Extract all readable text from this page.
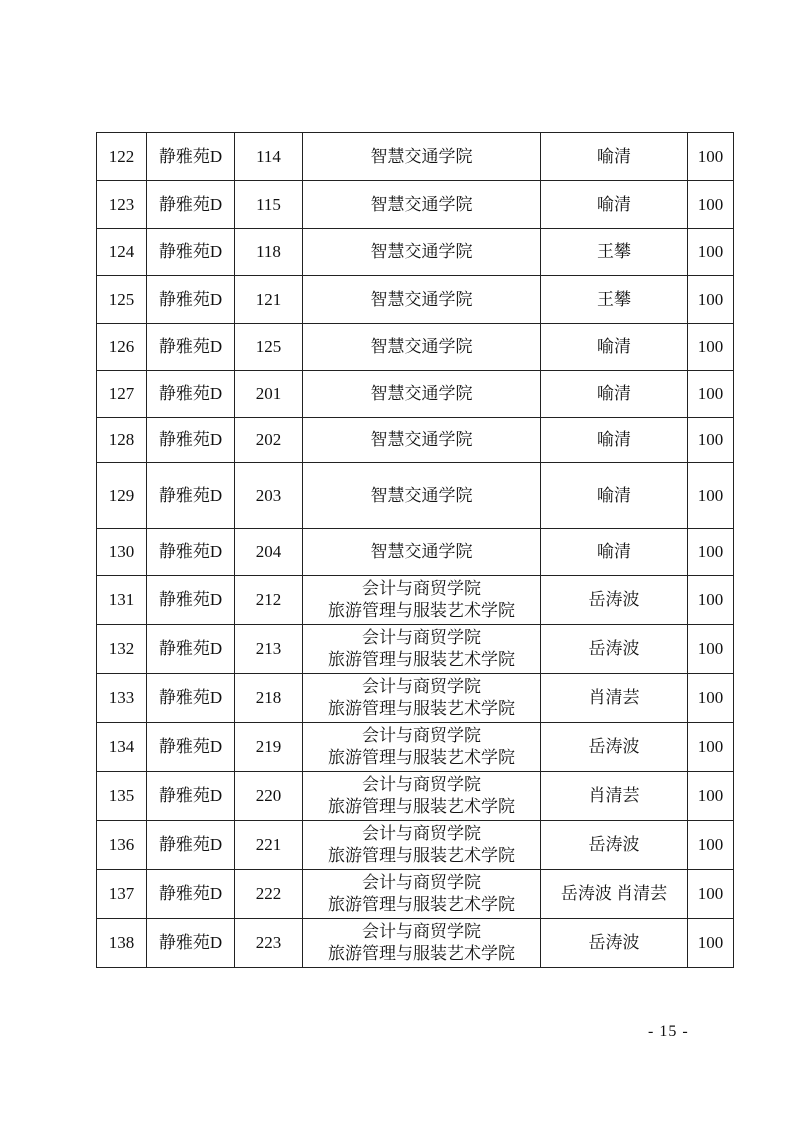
122	静雅苑D	114	智慧交通学院	喻清	100
123	静雅苑D	115	智慧交通学院	喻清	100
124	静雅苑D	118	智慧交通学院	王攀	100
125	静雅苑D	121	智慧交通学院	王攀	100
126	静雅苑D	125	智慧交通学院	喻清	100
127	静雅苑D	201	智慧交通学院	喻清	100
128	静雅苑D	202	智慧交通学院	喻清	100
129	静雅苑D	203	智慧交通学院	喻清	100
130	静雅苑D	204	智慧交通学院	喻清	100
131	静雅苑D	212	会计与商贸学院
旅游管理与服装艺术学院	岳涛波	100
132	静雅苑D	213	会计与商贸学院
旅游管理与服装艺术学院	岳涛波	100
133	静雅苑D	218	会计与商贸学院
旅游管理与服装艺术学院	肖清芸	100
134	静雅苑D	219	会计与商贸学院
旅游管理与服装艺术学院	岳涛波	100
135	静雅苑D	220	会计与商贸学院
旅游管理与服装艺术学院	肖清芸	100
136	静雅苑D	221	会计与商贸学院
旅游管理与服装艺术学院	岳涛波	100
137	静雅苑D	222	会计与商贸学院
旅游管理与服装艺术学院	岳涛波 肖清芸	100
138	静雅苑D	223	会计与商贸学院
旅游管理与服装艺术学院	岳涛波	100
- 15 -
